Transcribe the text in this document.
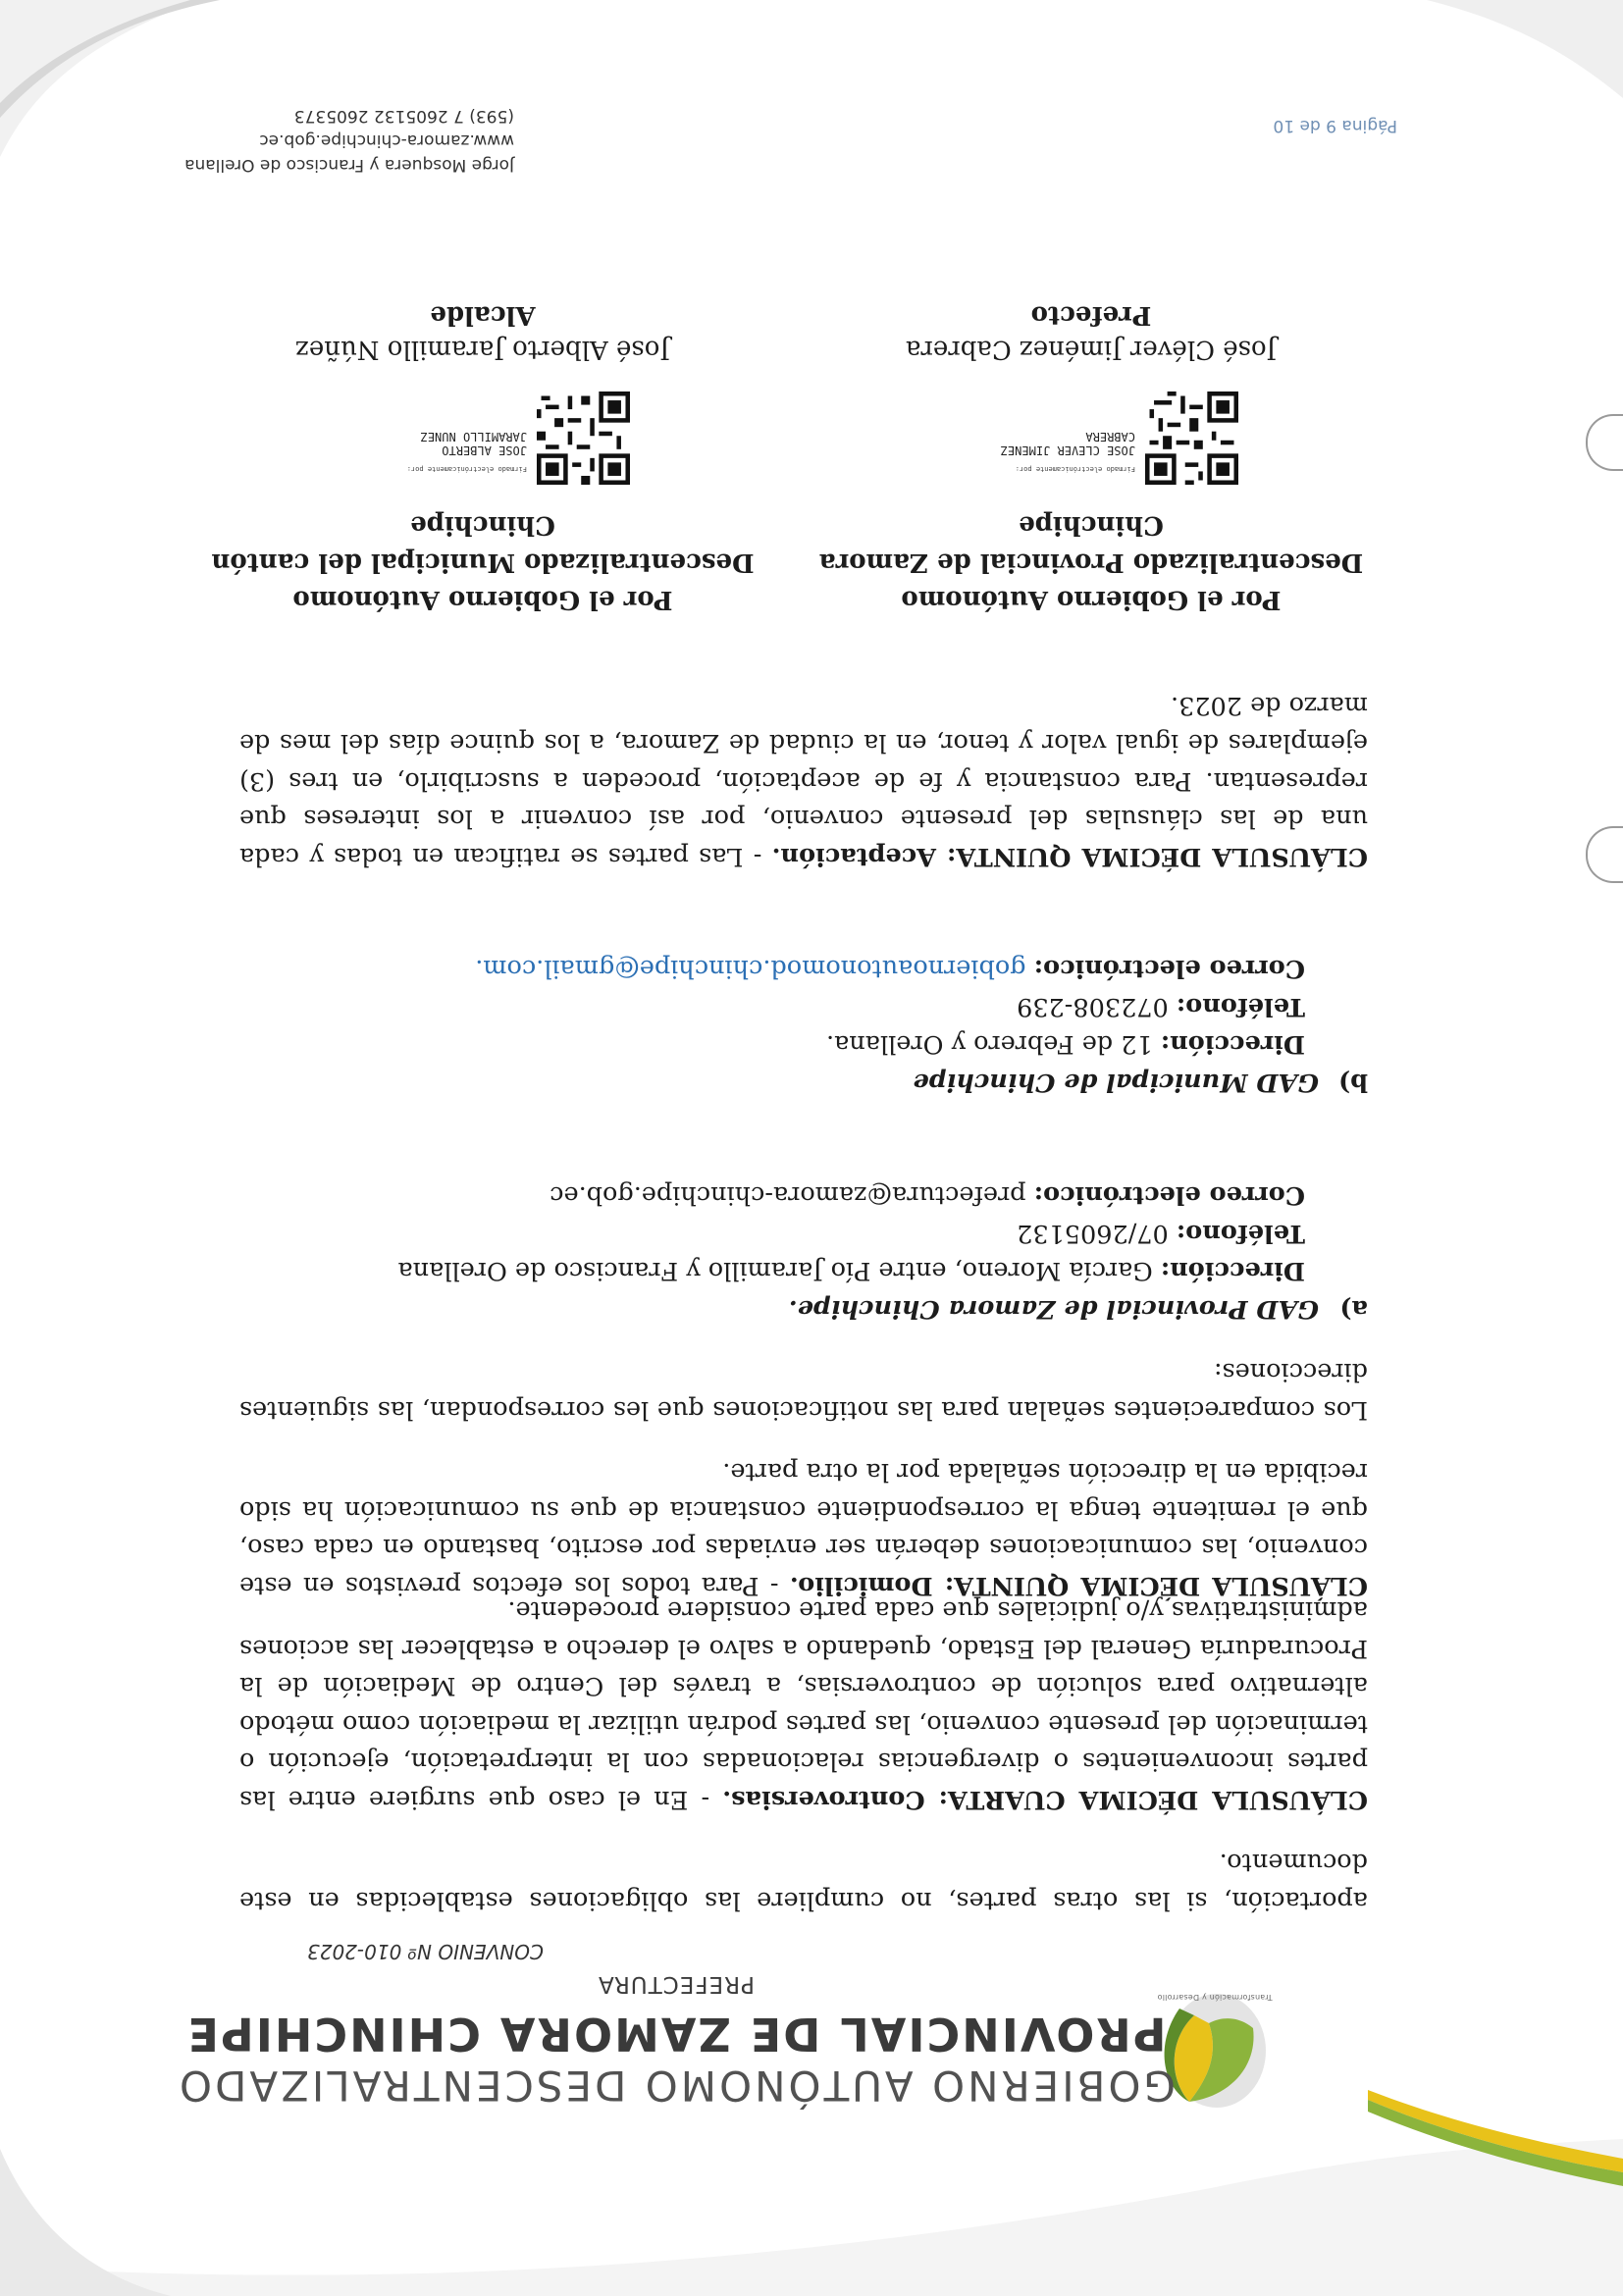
Transformación y Desarrollo
GOBIERNO AUTÓNOMO DESCENTRALIZADO
PROVINCIAL DE ZAMORA CHINCHIPE
PREFECTURA
CONVENIO Nº 010-2023

aportación, si las otras partes, no cumpliere las obligaciones establecidas en este documento.

CLÁUSULA DÉCIMA CUARTA: Controversias. - En el caso que surgiere entre las partes inconvenientes o divergencias relacionadas con la interpretación, ejecución o terminación del presente convenio, las partes podrán utilizar la mediación como método alternativo para solución de controversias, a través del Centro de Mediación de la Procuraduría General del Estado, quedando a salvo el derecho a establecer las acciones administrativas y/o judiciales que cada parte considere procedente.

CLÁUSULA DÉCIMA QUINTA: Domicilio. - Para todos los efectos previstos en este convenio, las comunicaciones deberán ser enviadas por escrito, bastando en cada caso, que el remitente tenga la correspondiente constancia de que su comunicación ha sido recibida en la dirección señalada por la otra parte.

Los comparecientes señalan para las notificaciones que les correspondan, las siguientes direcciones:

a)GAD Provincial de Zamora Chinchipe.
Dirección: García Moreno, entre Pío Jaramillo y Francisco de Orellana
Teléfono: 07/2605132
Correo electrónico: prefectura@zamora-chinchipe.gob.ec
b)GAD Municipal de Chinchipe
Dirección: 12 de Febrero y Orellana.
Teléfono: 072308-239
Correo electrónico: gobiernoautonomod.chinchipe@gmail.com.

CLÁUSULA DÉCIMA QUINTA: Aceptación. - Las partes se ratifican en todas y cada una de las cláusulas del presente convenio, por así convenir a los intereses que representan. Para constancia y fe de aceptación, proceden a suscribirlo, en tres (3) ejemplares de igual valor y tenor, en la ciudad de Zamora, a los quince días del mes de marzo de 2023.

Por el Gobierno Autónomo Descentralizado Provincial de Zamora Chinchipe
Firmado electrónicamente por:
JOSE CLEVER JIMENEZ
CABRERA
José Cléver Jiménez Cabrera
Prefecto
Por el Gobierno Autónomo Descentralizado Municipal del cantón Chinchipe
Firmado electrónicamente por:
JOSE ALBERTO
JARAMILLO NUNEZ
José Alberto Jaramillo Núñez
Alcalde
Jorge Mosquera y Francisco de Orellana
www.zamora-chinchipe.gob.ec
(593) 7 2605132 2605373	Página 9 de 10
